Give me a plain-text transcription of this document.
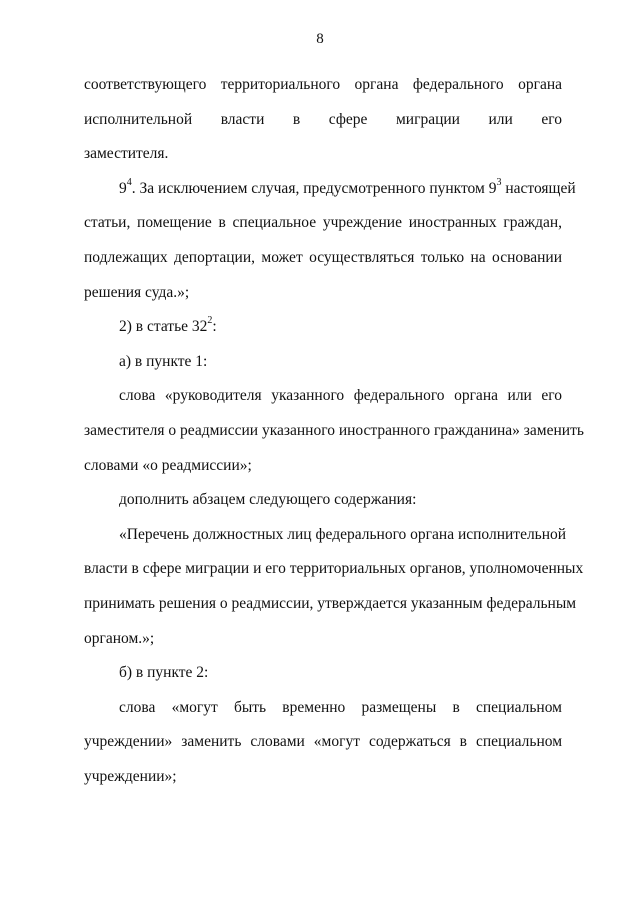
8
соответствующего территориального органа федерального органа
исполнительной власти в сфере миграции или его
заместителя.
$9^4$. За исключением случая, предусмотренного пунктом $9^3$ настоящей
статьи, помещение в специальное учреждение иностранных граждан,
подлежащих депортации, может осуществляться только на основании
решения суда.»;
2) в статье $32^2$:
а) в пункте 1:
слова «руководителя указанного федерального органа или его
заместителя о реадмиссии указанного иностранного гражданина» заменить
словами «о реадмиссии»;
дополнить абзацем следующего содержания:
«Перечень должностных лиц федерального органа исполнительной
власти в сфере миграции и его территориальных органов, уполномоченных
принимать решения о реадмиссии, утверждается указанным федеральным
органом.»;
б) в пункте 2:
слова «могут быть временно размещены в специальном
учреждении» заменить словами «могут содержаться в специальном
учреждении»;
